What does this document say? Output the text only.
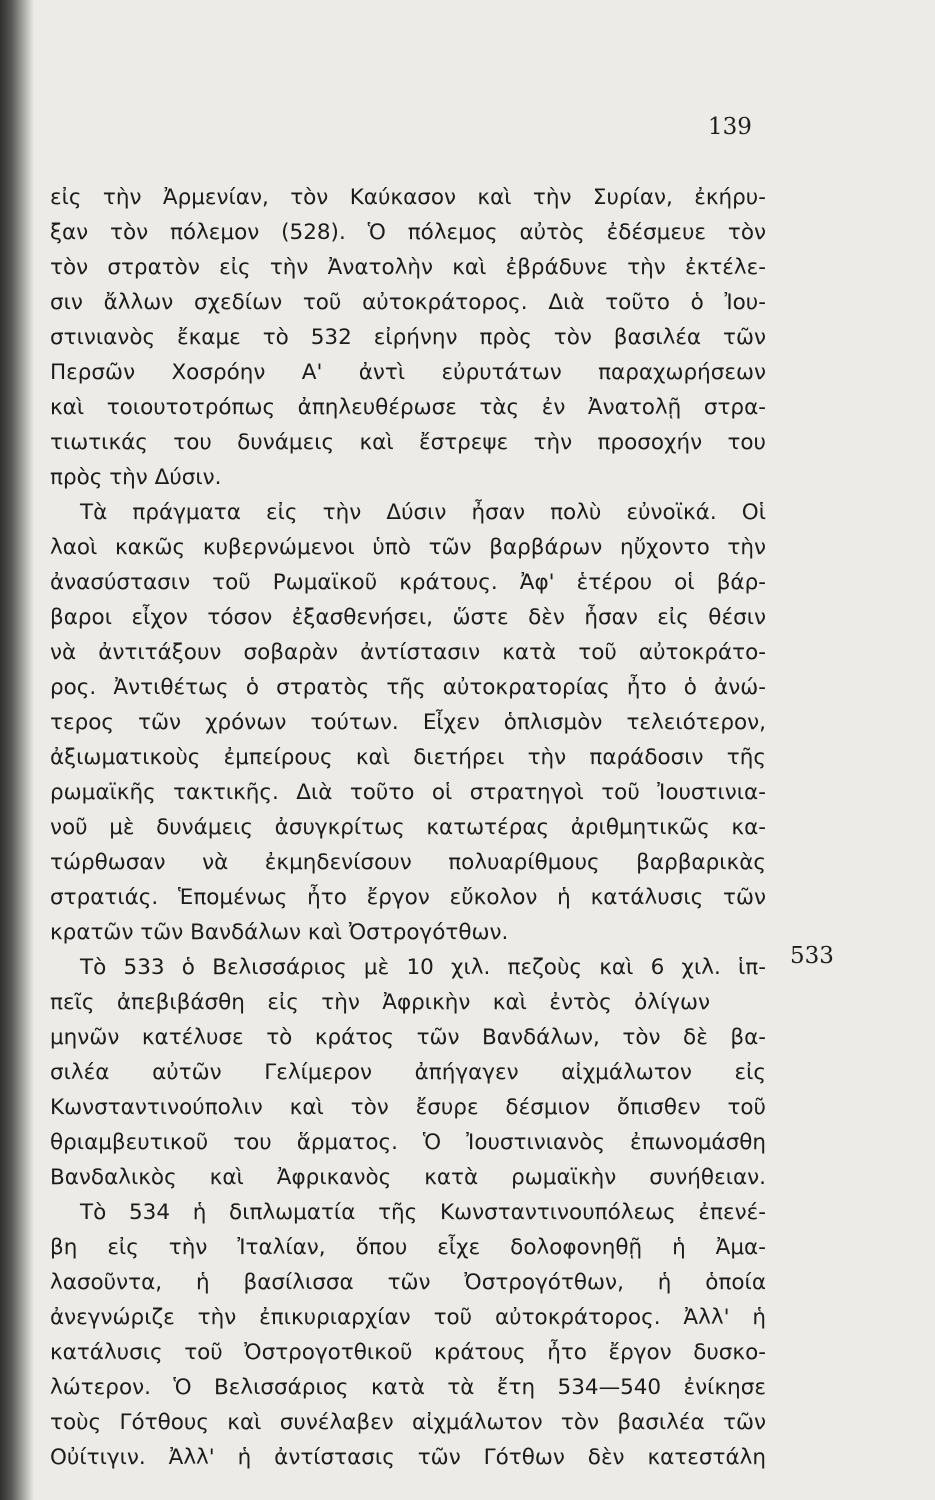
139
533
εἰς τὴν Ἀρμενίαν, τὸν Καύκασον καὶ τὴν Συρίαν, ἐκήρυ-
ξαν τὸν πόλεμον (528). Ὁ πόλεμος αὐτὸς ἐδέσμευε τὸν
τὸν στρατὸν εἰς τὴν Ἀνατολὴν καὶ ἐβράδυνε τὴν ἐκτέλε-
σιν ἄλλων σχεδίων τοῦ αὐτοκράτορος. Διὰ τοῦτο ὁ Ἰου-
στινιανὸς ἔκαμε τὸ 532 εἰρήνην πρὸς τὸν βασιλέα τῶν
Περσῶν Χοσρόην Α' ἀντὶ εὐρυτάτων παραχωρήσεων
καὶ τοιουτοτρόπως ἀπηλευθέρωσε τὰς ἐν Ἀνατολῇ στρα-
τιωτικάς του δυνάμεις καὶ ἔστρεψε τὴν προσοχήν του
πρὸς τὴν Δύσιν.
Τὰ πράγματα εἰς τὴν Δύσιν ἦσαν πολὺ εὐνοϊκά. Οἱ
λαοὶ κακῶς κυβερνώμενοι ὑπὸ τῶν βαρβάρων ηὔχοντο τὴν
ἀνασύστασιν τοῦ Ρωμαϊκοῦ κράτους. Ἀφ' ἑτέρου οἱ βάρ-
βαροι εἶχον τόσον ἐξασθενήσει, ὥστε δὲν ἦσαν εἰς θέσιν
νὰ ἀντιτάξουν σοβαρὰν ἀντίστασιν κατὰ τοῦ αὐτοκράτο-
ρος. Ἀντιθέτως ὁ στρατὸς τῆς αὐτοκρατορίας ἦτο ὁ ἀνώ-
τερος τῶν χρόνων τούτων. Εἶχεν ὁπλισμὸν τελειότερον,
ἀξιωματικοὺς ἐμπείρους καὶ διετήρει τὴν παράδοσιν τῆς
ρωμαϊκῆς τακτικῆς. Διὰ τοῦτο οἱ στρατηγοὶ τοῦ Ἰουστινια-
νοῦ μὲ δυνάμεις ἀσυγκρίτως κατωτέρας ἀριθμητικῶς κα-
τώρθωσαν νὰ ἐκμηδενίσουν πολυαρίθμους βαρβαρικὰς
στρατιάς. Ἑπομένως ἦτο ἔργον εὔκολον ἡ κατάλυσις τῶν
κρατῶν τῶν Βανδάλων καὶ Ὀστρογότθων.
Τὸ 533 ὁ Βελισσάριος μὲ 10 χιλ. πεζοὺς καὶ 6 χιλ. ἱπ-
πεῖς ἀπεβιβάσθη εἰς τὴν Ἀφρικὴν καὶ ἐντὸς ὀλίγων
μηνῶν κατέλυσε τὸ κράτος τῶν Βανδάλων, τὸν δὲ βα-
σιλέα αὐτῶν Γελίμερον ἀπήγαγεν αἰχμάλωτον εἰς
Κωνσταντινούπολιν καὶ τὸν ἔσυρε δέσμιον ὄπισθεν τοῦ
θριαμβευτικοῦ του ἅρματος. Ὁ Ἰουστινιανὸς ἐπωνομάσθη
Βανδαλικὸς καὶ Ἀφρικανὸς κατὰ ρωμαϊκὴν συνήθειαν.
Τὸ 534 ἡ διπλωματία τῆς Κωνσταντινουπόλεως ἐπενέ-
βη εἰς τὴν Ἰταλίαν, ὅπου εἶχε δολοφονηθῇ ἡ Ἀμα-
λασοῦντα, ἡ βασίλισσα τῶν Ὀστρογότθων, ἡ ὁποία
ἀνεγνώριζε τὴν ἐπικυριαρχίαν τοῦ αὐτοκράτορος. Ἀλλ' ἡ
κατάλυσις τοῦ Ὀστρογοτθικοῦ κράτους ἦτο ἔργον δυσκο-
λώτερον. Ὁ Βελισσάριος κατὰ τὰ ἔτη 534—540 ἐνίκησε
τοὺς Γότθους καὶ συνέλαβεν αἰχμάλωτον τὸν βασιλέα τῶν
Οὐίτιγιν. Ἀλλ' ἡ ἀντίστασις τῶν Γότθων δὲν κατεστάλη
